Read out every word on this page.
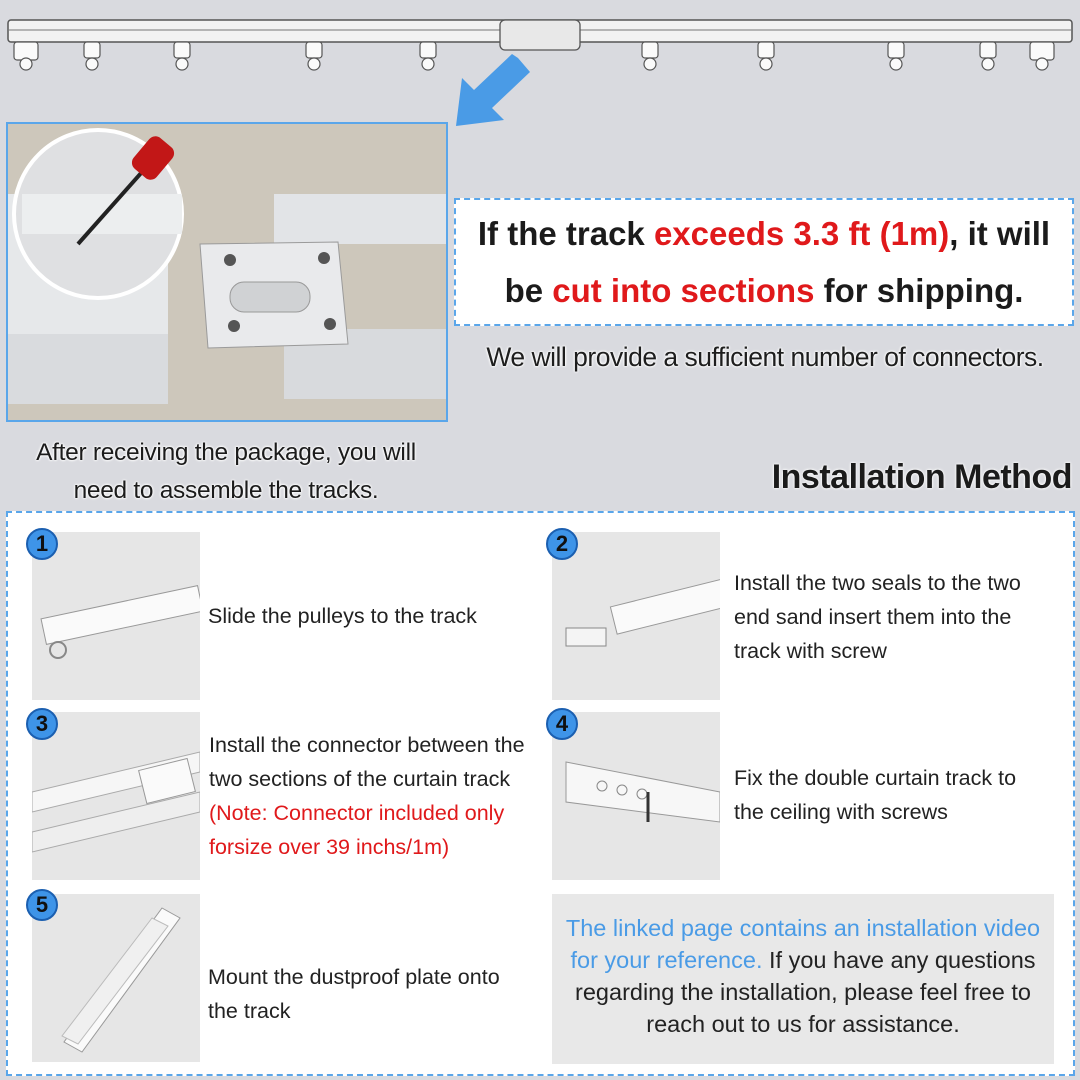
If the track exceeds 3.3 ft (1m), it will
be cut into sections for shipping.
We will provide a sufficient number of connectors.
After receiving the package, you will
need to assemble the tracks.	Installation Method
1
Slide the pulleys to the track
2
Install the two seals to the two
end sand insert them into the
track with screw
3
Install the connector between the
two sections of the curtain track
(Note: Connector included only
forsize over 39 inchs/1m)
4
Fix the double curtain track to
the ceiling with screws
5
Mount the dustproof plate onto
the track
The linked page contains an installation video
for your reference. If you have any questions
regarding the installation, please feel free to
reach out to us for assistance.
